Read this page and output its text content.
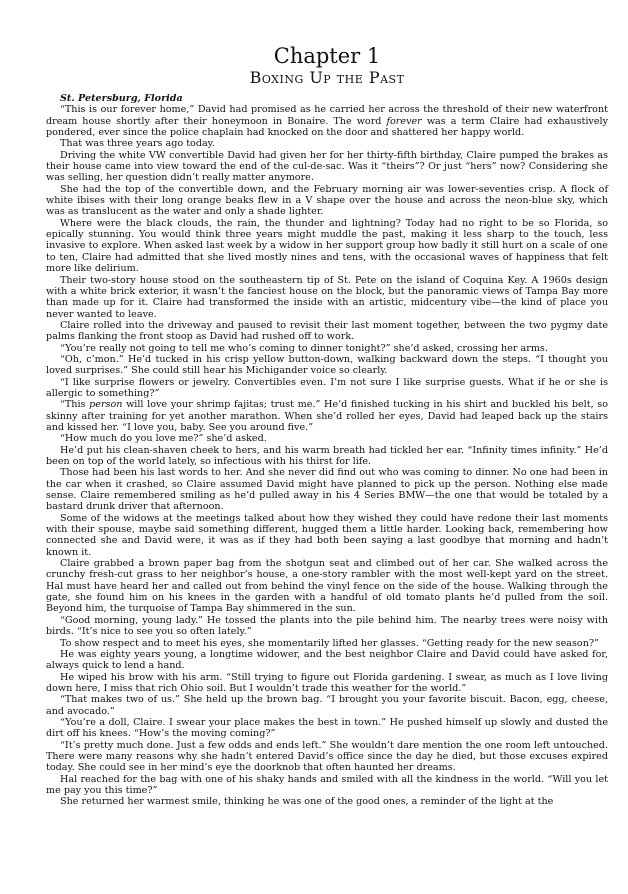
Chapter 1
Boxing Up the Past

St. Petersburg, Florida

“This is our forever home,” David had promised as he carried her across the threshold of their new waterfront dream house shortly after their honeymoon in Bonaire. The word forever was a term Claire had exhaustively pondered, ever since the police chaplain had knocked on the door and shattered her happy world.

That was three years ago today.

Driving the white VW convertible David had given her for her thirty-fifth birthday, Claire pumped the brakes as their house came into view toward the end of the cul-de-sac. Was it “theirs”? Or just “hers” now? Considering she was selling, her question didn’t really matter anymore.

She had the top of the convertible down, and the February morning air was lower-seventies crisp. A flock of white ibises with their long orange beaks flew in a V shape over the house and across the neon-blue sky, which was as translucent as the water and only a shade lighter.

Where were the black clouds, the rain, the thunder and lightning? Today had no right to be so Florida, so epically stunning. You would think three years might muddle the past, making it less sharp to the touch, less invasive to explore. When asked last week by a widow in her support group how badly it still hurt on a scale of one to ten, Claire had admitted that she lived mostly nines and tens, with the occasional waves of happiness that felt more like delirium.

Their two-story house stood on the southeastern tip of St. Pete on the island of Coquina Key. A 1960s design with a white brick exterior, it wasn’t the fanciest house on the block, but the panoramic views of Tampa Bay more than made up for it. Claire had transformed the inside with an artistic, midcentury vibe—the kind of place you never wanted to leave.

Claire rolled into the driveway and paused to revisit their last moment together, between the two pygmy date palms flanking the front stoop as David had rushed off to work.

“You’re really not going to tell me who’s coming to dinner tonight?” she’d asked, crossing her arms.

“Oh, c’mon.” He’d tucked in his crisp yellow button-down, walking backward down the steps. “I thought you loved surprises.” She could still hear his Michigander voice so clearly.

“I like surprise flowers or jewelry. Convertibles even. I’m not sure I like surprise guests. What if he or she is allergic to something?”

“This person will love your shrimp fajitas; trust me.” He’d finished tucking in his shirt and buckled his belt, so skinny after training for yet another marathon. When she’d rolled her eyes, David had leaped back up the stairs and kissed her. “I love you, baby. See you around five.”

“How much do you love me?” she’d asked.

He’d put his clean-shaven cheek to hers, and his warm breath had tickled her ear. “Infinity times infinity.” He’d been on top of the world lately, so infectious with his thirst for life.

Those had been his last words to her. And she never did find out who was coming to dinner. No one had been in the car when it crashed, so Claire assumed David might have planned to pick up the person. Nothing else made sense. Claire remembered smiling as he’d pulled away in his 4 Series BMW—the one that would be totaled by a bastard drunk driver that afternoon.

Some of the widows at the meetings talked about how they wished they could have redone their last moments with their spouse, maybe said something different, hugged them a little harder. Looking back, remembering how connected she and David were, it was as if they had both been saying a last goodbye that morning and hadn’t known it.

Claire grabbed a brown paper bag from the shotgun seat and climbed out of her car. She walked across the crunchy fresh-cut grass to her neighbor’s house, a one-story rambler with the most well-kept yard on the street. Hal must have heard her and called out from behind the vinyl fence on the side of the house. Walking through the gate, she found him on his knees in the garden with a handful of old tomato plants he’d pulled from the soil. Beyond him, the turquoise of Tampa Bay shimmered in the sun.

“Good morning, young lady.” He tossed the plants into the pile behind him. The nearby trees were noisy with birds. “It’s nice to see you so often lately.”

To show respect and to meet his eyes, she momentarily lifted her glasses. “Getting ready for the new season?”

He was eighty years young, a longtime widower, and the best neighbor Claire and David could have asked for, always quick to lend a hand.

He wiped his brow with his arm. “Still trying to figure out Florida gardening. I swear, as much as I love living down here, I miss that rich Ohio soil. But I wouldn’t trade this weather for the world.”

“That makes two of us.” She held up the brown bag. “I brought you your favorite biscuit. Bacon, egg, cheese, and avocado.”

“You’re a doll, Claire. I swear your place makes the best in town.” He pushed himself up slowly and dusted the dirt off his knees. “How’s the moving coming?”

“It’s pretty much done. Just a few odds and ends left.” She wouldn’t dare mention the one room left untouched. There were many reasons why she hadn’t entered David’s office since the day he died, but those excuses expired today. She could see in her mind’s eye the doorknob that often haunted her dreams.

Hal reached for the bag with one of his shaky hands and smiled with all the kindness in the world. “Will you let me pay you this time?”

She returned her warmest smile, thinking he was one of the good ones, a reminder of the light at the
